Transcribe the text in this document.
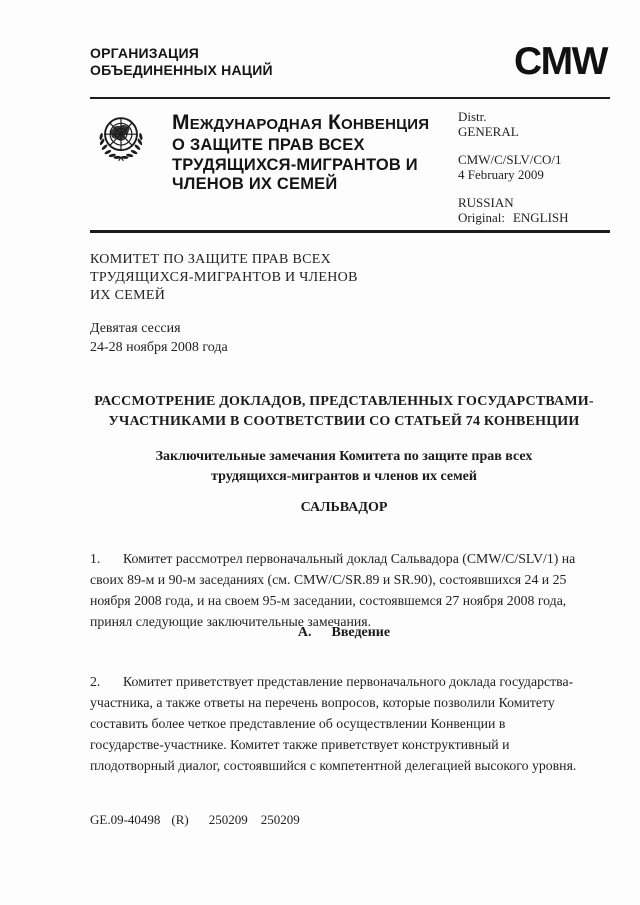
ОРГАНИЗАЦИЯ
ОБЪЕДИНЕННЫХ НАЦИЙ	CMW
Международная Конвенция
О ЗАЩИТЕ ПРАВ ВСЕХ
ТРУДЯЩИХСЯ-МИГРАНТОВ И
ЧЛЕНОВ ИХ СЕМЕЙ
Distr.
GENERAL
CMW/C/SLV/CO/1
4 February 2009
RUSSIAN
Original: ENGLISH
КОМИТЕТ ПО ЗАЩИТЕ ПРАВ ВСЕХ
ТРУДЯЩИХСЯ-МИГРАНТОВ И ЧЛЕНОВ
ИХ СЕМЕЙ
Девятая сессия
24-28 ноября 2008 года
РАССМОТРЕНИЕ ДОКЛАДОВ, ПРЕДСТАВЛЕННЫХ ГОСУДАРСТВАМИ-
УЧАСТНИКАМИ В СООТВЕТСТВИИ СО СТАТЬЕЙ 74 КОНВЕНЦИИ
Заключительные замечания Комитета по защите прав всех
трудящихся-мигрантов и членов их семей
САЛЬВАДОР

1. Комитет рассмотрел первоначальный доклад Сальвадора (CMW/C/SLV/1) на своих 89-м и 90-м заседаниях (см. CMW/C/SR.89 и SR.90), состоявшихся 24 и 25 ноября 2008 года, и на своем 95-м заседании, состоявшемся 27 ноября 2008 года, принял следующие заключительные замечания.

A. Введение

2. Комитет приветствует представление первоначального доклада государства-участника, а также ответы на перечень вопросов, которые позволили Комитету составить более четкое представление об осуществлении Конвенции в государстве-участнике. Комитет также приветствует конструктивный и плодотворный диалог, состоявшийся с компетентной делегацией высокого уровня.

GE.09-40498 (R) 250209 250209
